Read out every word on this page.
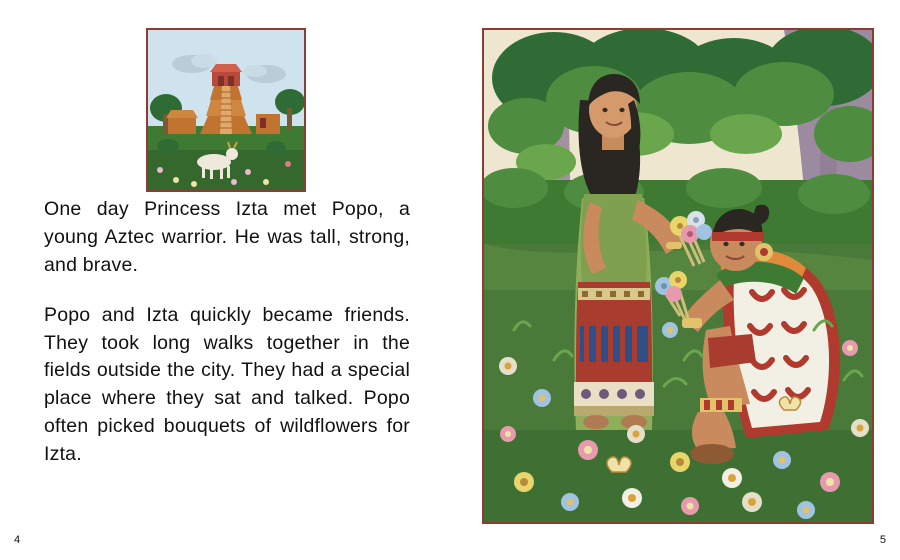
One day Princess Izta met Popo, a young Aztec warrior. He was tall, strong, and brave.

Popo and Izta quickly became friends. They took long walks together in the fields outside the city. They had a special place where they sat and talked. Popo often picked bouquets of wildflowers for Izta.

4	5
